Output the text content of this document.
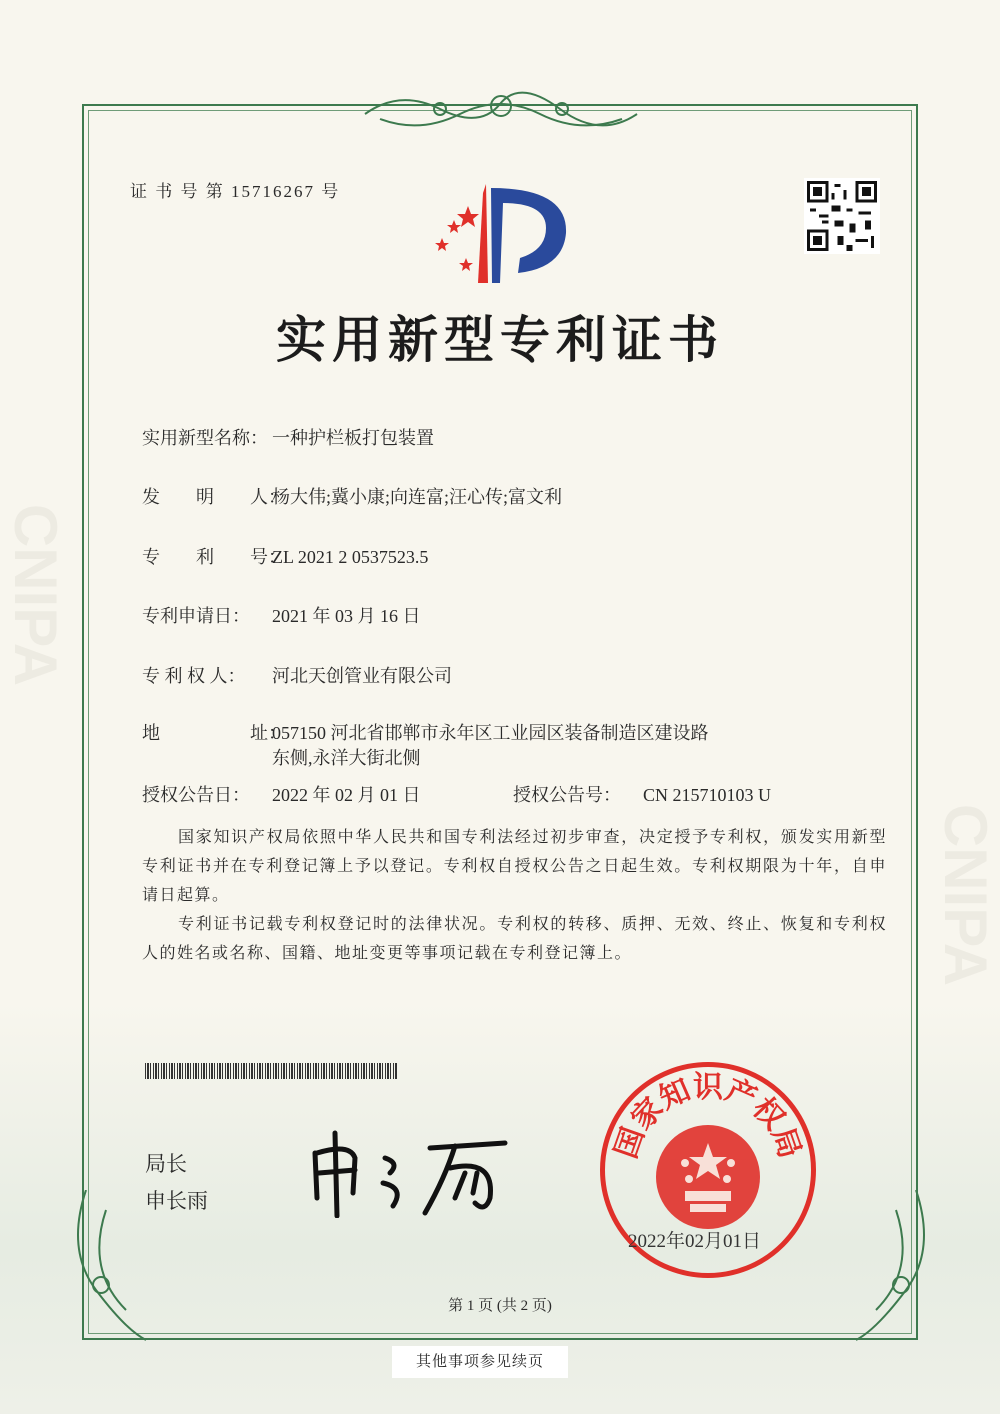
CNIPA
CNIPA
证 书 号 第 15716267 号
实用新型专利证书
实用新型名称： 一种护栏板打包装置
发　　明　　人：杨大伟;冀小康;向连富;汪心传;富文利
专　　利　　号：ZL 2021 2 0537523.5
专利申请日： 2021 年 03 月 16 日
专 利 权 人： 河北天创管业有限公司
地　　　　　址：057150 河北省邯郸市永年区工业园区装备制造区建设路
东侧,永洋大街北侧
授权公告日： 2022 年 02 月 01 日	授权公告号： CN 215710103 U
国家知识产权局依照中华人民共和国专利法经过初步审查，决定授予专利权，颁发实用新型专利证书并在专利登记簿上予以登记。专利权自授权公告之日起生效。专利权期限为十年，自申请日起算。
专利证书记载专利权登记时的法律状况。专利权的转移、质押、无效、终止、恢复和专利权人的姓名或名称、国籍、地址变更等事项记载在专利登记簿上。
局长
申长雨
国家知识产权局
2022年02月01日
第 1 页 (共 2 页)
其他事项参见续页
